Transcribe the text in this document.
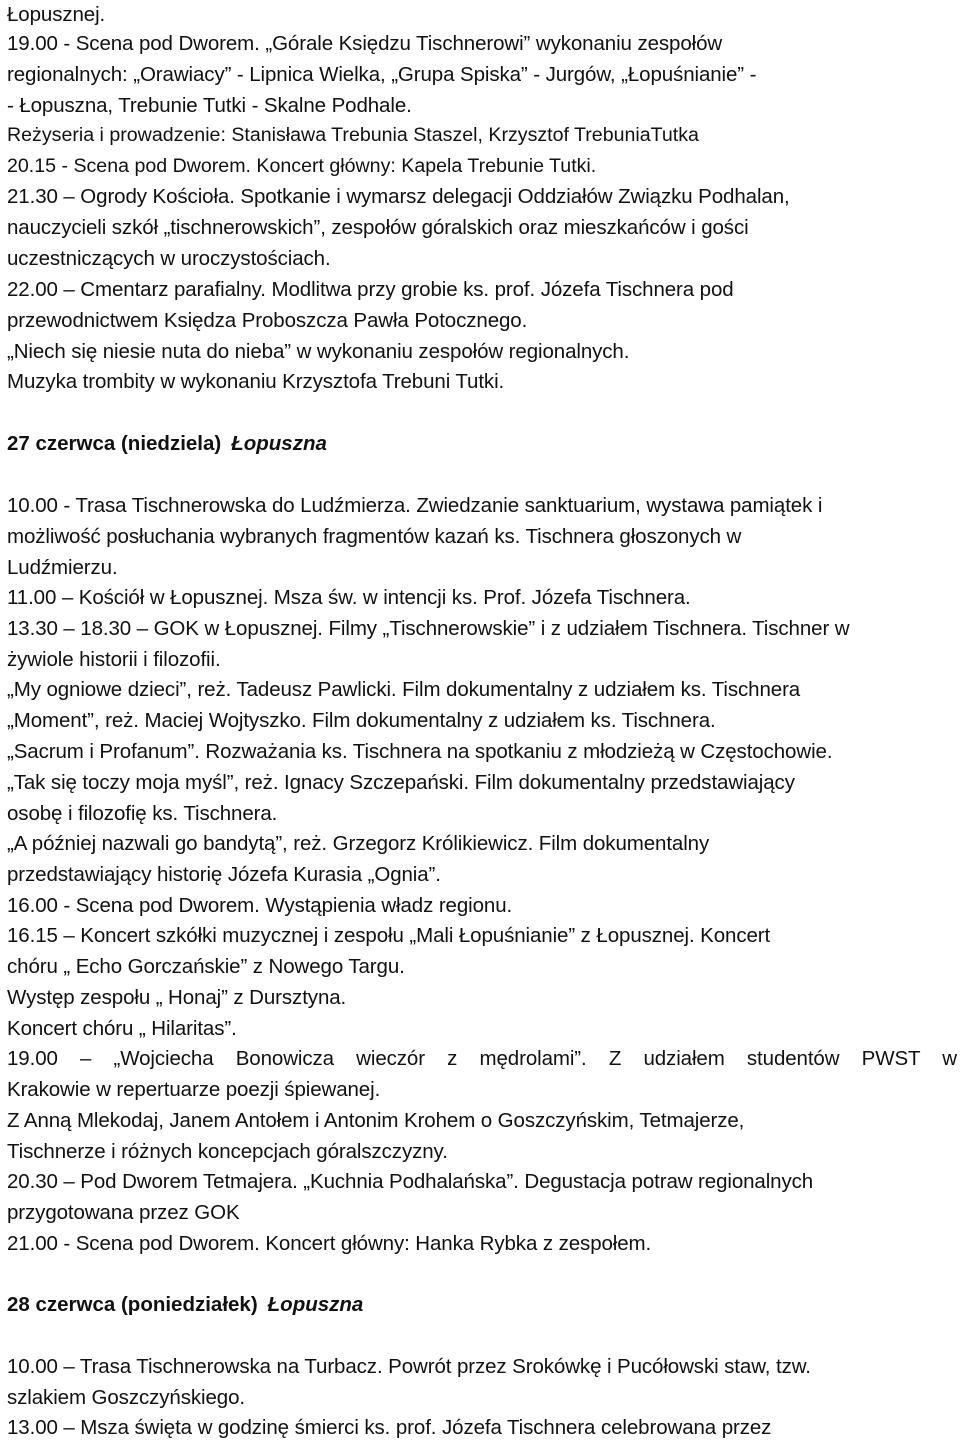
Łopusznej.
19.00 - Scena pod Dworem. „Górale Księdzu Tischnerowi” wykonaniu zespołów
regionalnych: „Orawiacy” - Lipnica Wielka, „Grupa Spiska” - Jurgów, „Łopuśnianie” -
- Łopuszna, Trebunie Tutki - Skalne Podhale.
Reżyseria i prowadzenie: Stanisława Trebunia Staszel, Krzysztof TrebuniaTutka
20.15 - Scena pod Dworem. Koncert główny: Kapela Trebunie Tutki.
21.30 – Ogrody Kościoła. Spotkanie i wymarsz delegacji Oddziałów Związku Podhalan,
nauczycieli szkół „tischnerowskich”, zespołów góralskich oraz mieszkańców i gości
uczestniczących w uroczystościach.
22.00 – Cmentarz parafialny. Modlitwa przy grobie ks. prof. Józefa Tischnera pod
przewodnictwem Księdza Proboszcza Pawła Potocznego.
„Niech się niesie nuta do nieba” w wykonaniu zespołów regionalnych.
Muzyka trombity w wykonaniu Krzysztofa Trebuni Tutki.
27 czerwca (niedziela) Łopuszna
10.00 - Trasa Tischnerowska do Ludźmierza. Zwiedzanie sanktuarium, wystawa pamiątek i
możliwość posłuchania wybranych fragmentów kazań ks. Tischnera głoszonych w
Ludźmierzu.
11.00 – Kościół w Łopusznej. Msza św. w intencji ks. Prof. Józefa Tischnera.
13.30 – 18.30 – GOK w Łopusznej. Filmy „Tischnerowskie” i z udziałem Tischnera. Tischner w
żywiole historii i filozofii.
„My ogniowe dzieci”, reż. Tadeusz Pawlicki. Film dokumentalny z udziałem ks. Tischnera
„Moment”, reż. Maciej Wojtyszko. Film dokumentalny z udziałem ks. Tischnera.
„Sacrum i Profanum”. Rozważania ks. Tischnera na spotkaniu z młodzieżą w Częstochowie.
„Tak się toczy moja myśl”, reż. Ignacy Szczepański. Film dokumentalny przedstawiający
osobę i filozofię ks. Tischnera.
„A później nazwali go bandytą”, reż. Grzegorz Królikiewicz. Film dokumentalny
przedstawiający historię Józefa Kurasia „Ognia”.
16.00 - Scena pod Dworem. Wystąpienia władz regionu.
16.15 – Koncert szkółki muzycznej i zespołu „Mali Łopuśnianie” z Łopusznej. Koncert
chóru „ Echo Gorczańskie” z Nowego Targu.
Występ zespołu „ Honaj” z Dursztyna.
Koncert chóru „ Hilaritas”.
19.00 – „Wojciecha Bonowicza wieczór z mędrolami”. Z udziałem studentów PWST w
Krakowie w repertuarze poezji śpiewanej.
Z Anną Mlekodaj, Janem Antołem i Antonim Krohem o Goszczyńskim, Tetmajerze,
Tischnerze i różnych koncepcjach góralszczyzny.
20.30 – Pod Dworem Tetmajera. „Kuchnia Podhalańska”. Degustacja potraw regionalnych
przygotowana przez GOK
21.00 - Scena pod Dworem. Koncert główny: Hanka Rybka z zespołem.
28 czerwca (poniedziałek) Łopuszna
10.00 – Trasa Tischnerowska na Turbacz. Powrót przez Srokówkę i Pucółowski staw, tzw.
szlakiem Goszczyńskiego.
13.00 – Msza święta w godzinę śmierci ks. prof. Józefa Tischnera celebrowana przez
